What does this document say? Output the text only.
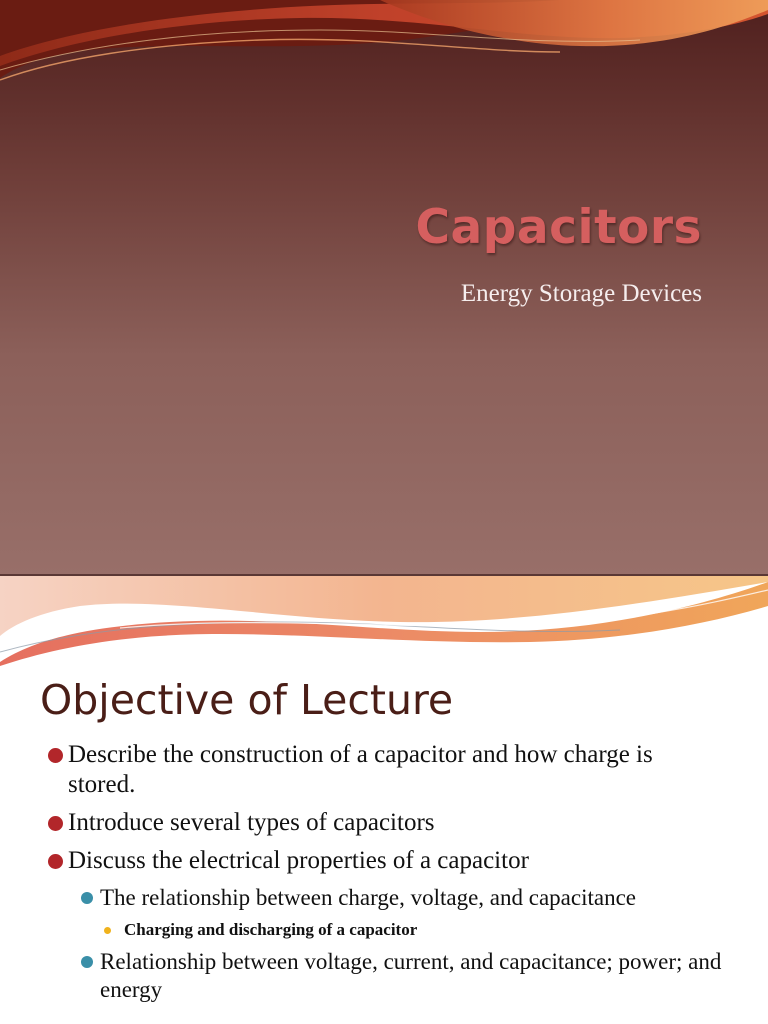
Capacitors

Energy Storage Devices

Objective of Lecture
Describe the construction of a capacitor and how charge is stored.
Introduce several types of capacitors
Discuss the electrical properties of a capacitor
The relationship between charge, voltage, and capacitance
Charging and discharging of a capacitor
Relationship between voltage, current, and capacitance; power; and energy
